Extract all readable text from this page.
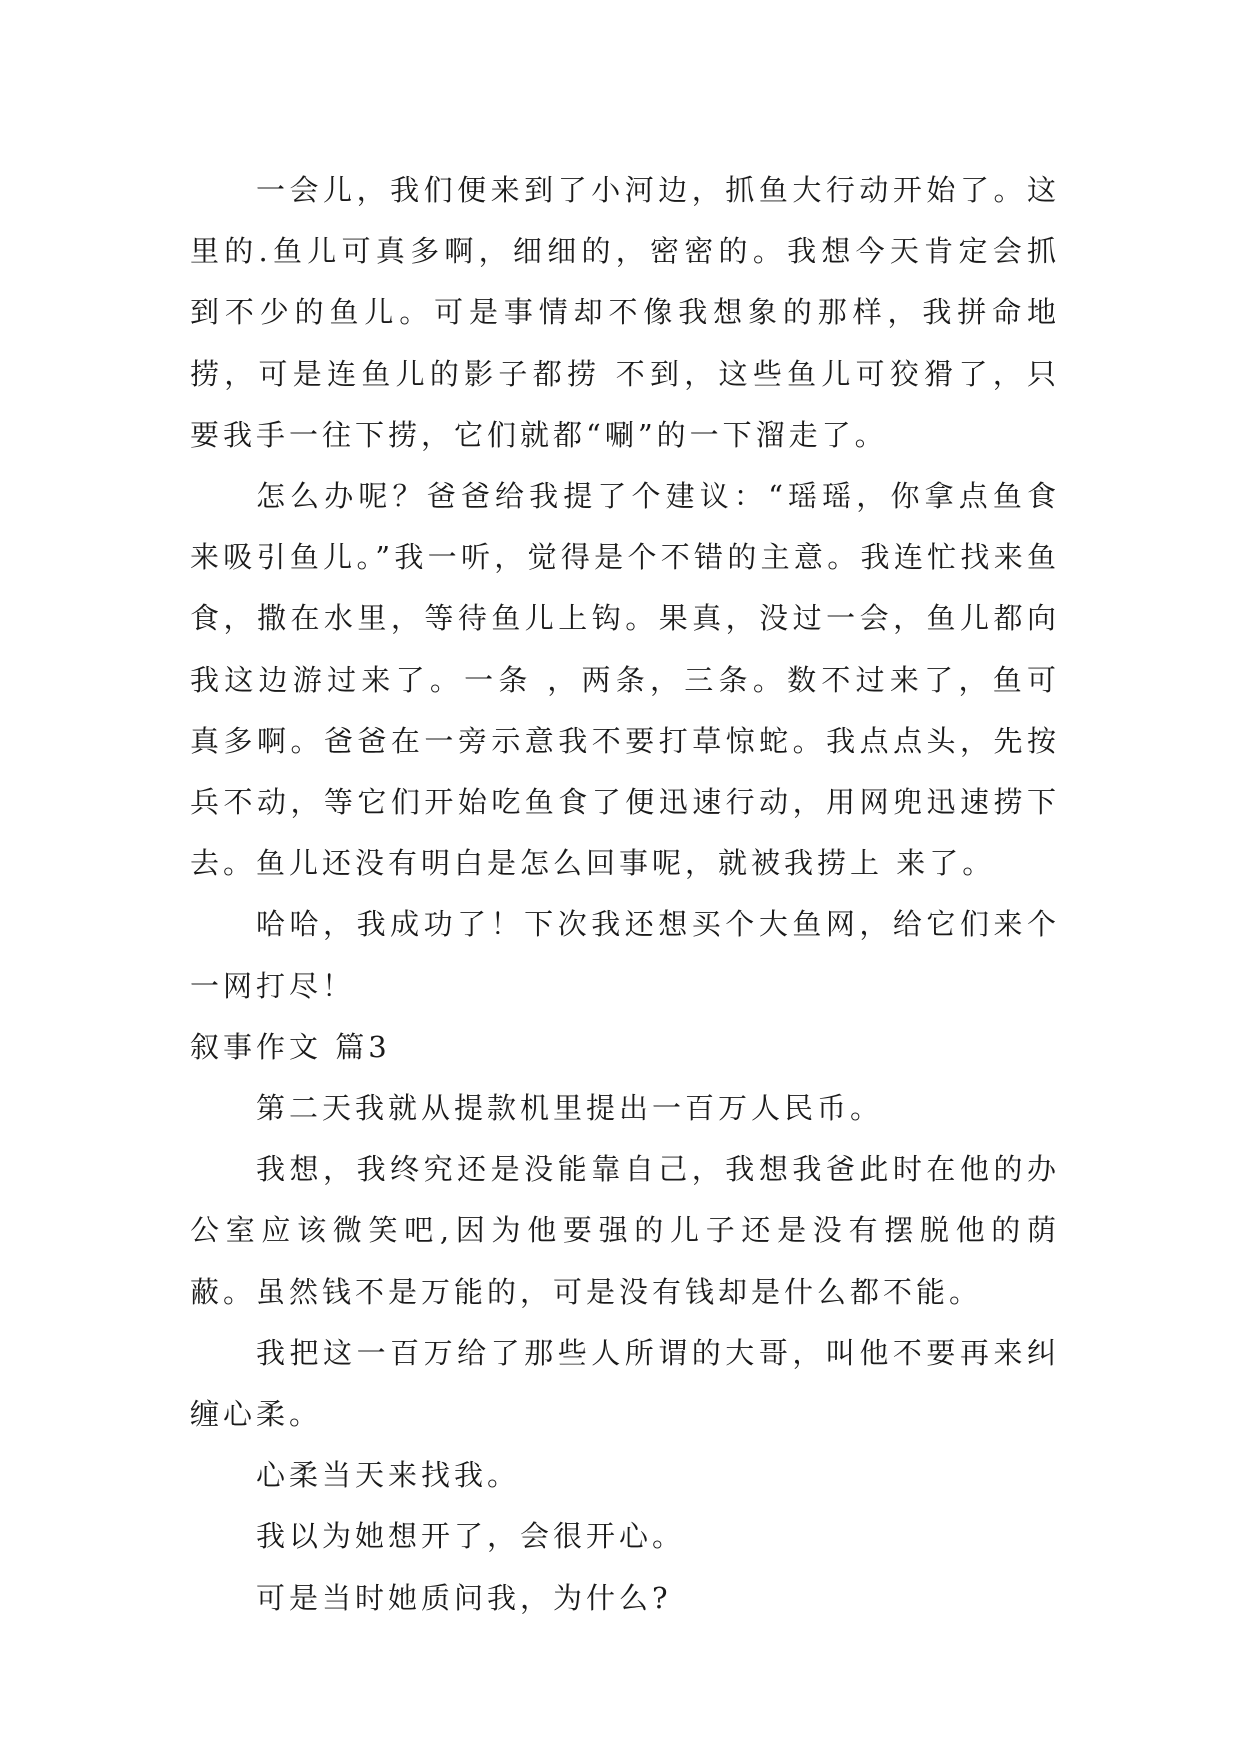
一会儿，我们便来到了小河边，抓鱼大行动开始了。这里的.鱼儿可真多啊，细细的，密密的。我想今天肯定会抓到不少的鱼儿。可是事情却不像我想象的那样，我拼命地捞，可是连鱼儿的影子都捞 不到，这些鱼儿可狡猾了，只要我手一往下捞，它们就都“唰”的一下溜走了。

怎么办呢？爸爸给我提了个建议：“瑶瑶，你拿点鱼食来吸引鱼儿。”我一听，觉得是个不错的主意。我连忙找来鱼食，撒在水里，等待鱼儿上钩。果真，没过一会，鱼儿都向我这边游过来了。一条 ，两条，三条。数不过来了，鱼可真多啊。爸爸在一旁示意我不要打草惊蛇。我点点头，先按兵不动，等它们开始吃鱼食了便迅速行动，用网兜迅速捞下去。鱼儿还没有明白是怎么回事呢，就被我捞上 来了。

哈哈，我成功了！下次我还想买个大鱼网，给它们来个一网打尽！

叙事作文 篇3

第二天我就从提款机里提出一百万人民币。

我想，我终究还是没能靠自己，我想我爸此时在他的办公室应该微笑吧,因为他要强的儿子还是没有摆脱他的荫蔽。虽然钱不是万能的，可是没有钱却是什么都不能。

我把这一百万给了那些人所谓的大哥，叫他不要再来纠缠心柔。

心柔当天来找我。

我以为她想开了，会很开心。

可是当时她质问我，为什么?
